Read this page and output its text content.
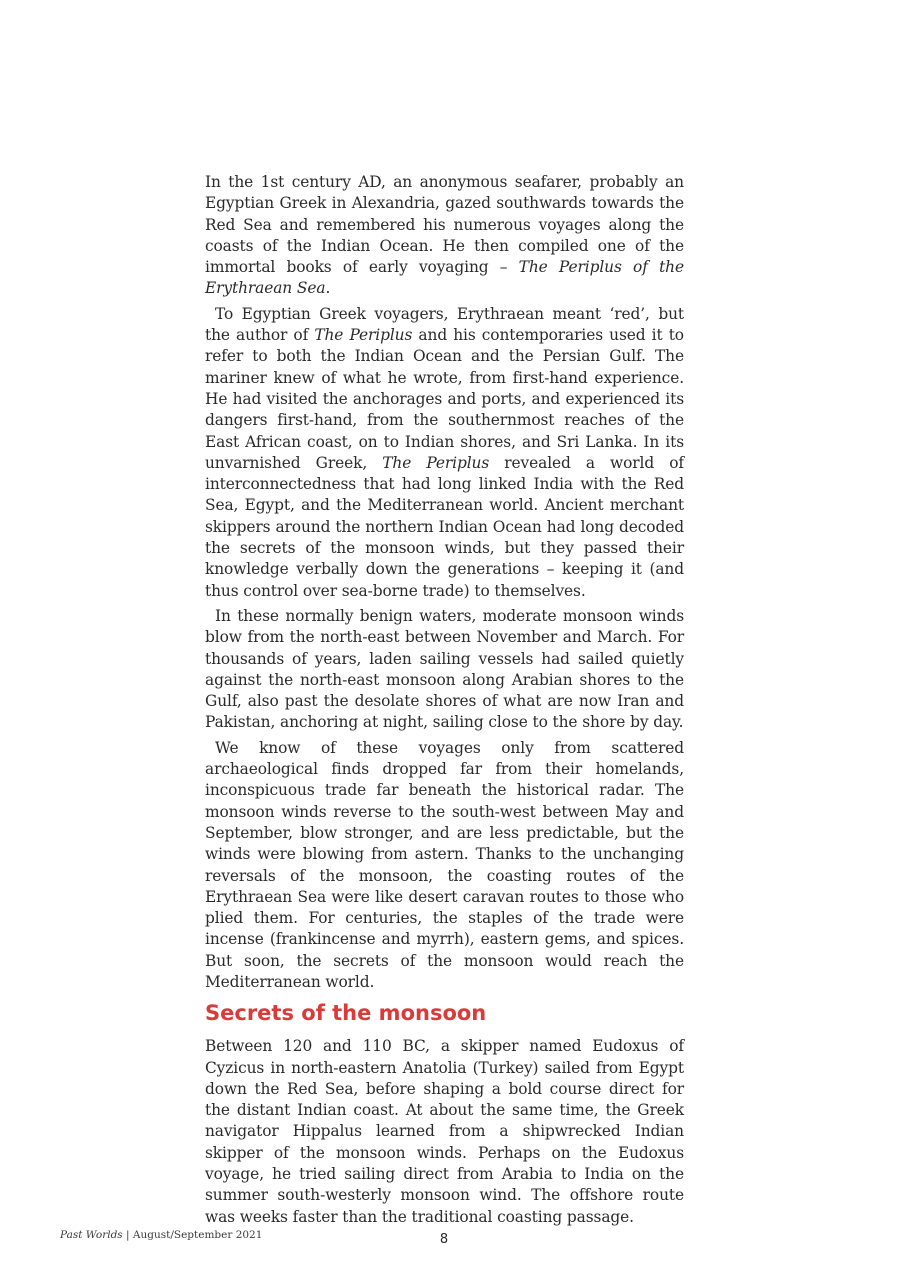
In the 1st century AD, an anonymous seafarer, probably an Egyptian Greek in Alexandria, gazed southwards towards the Red Sea and remembered his numerous voyages along the coasts of the Indian Ocean. He then compiled one of the immortal books of early voyaging – The Periplus of the Erythraean Sea.

To Egyptian Greek voyagers, Erythraean meant ‘red’, but the author of The Periplus and his contemporaries used it to refer to both the Indian Ocean and the Persian Gulf. The mariner knew of what he wrote, from first-hand experience. He had visited the anchorages and ports, and experienced its dangers first-hand, from the southernmost reaches of the East African coast, on to Indian shores, and Sri Lanka. In its unvarnished Greek, The Periplus revealed a world of interconnectedness that had long linked India with the Red Sea, Egypt, and the Mediterranean world. Ancient merchant skippers around the northern Indian Ocean had long decoded the secrets of the monsoon winds, but they passed their knowledge verbally down the generations – keeping it (and thus control over sea-borne trade) to themselves.

In these normally benign waters, moderate monsoon winds blow from the north-east between November and March. For thousands of years, laden sailing vessels had sailed quietly against the north-east monsoon along Arabian shores to the Gulf, also past the desolate shores of what are now Iran and Pakistan, anchoring at night, sailing close to the shore by day.

We know of these voyages only from scattered archaeological finds dropped far from their homelands, inconspicuous trade far beneath the historical radar. The monsoon winds reverse to the south-west between May and September, blow stronger, and are less predictable, but the winds were blowing from astern. Thanks to the unchanging reversals of the monsoon, the coasting routes of the Erythraean Sea were like desert caravan routes to those who plied them. For centuries, the staples of the trade were incense (frankincense and myrrh), eastern gems, and spices. But soon, the secrets of the monsoon would reach the Mediterranean world.

Secrets of the monsoon

Between 120 and 110 BC, a skipper named Eudoxus of Cyzicus in north-eastern Anatolia (Turkey) sailed from Egypt down the Red Sea, before shaping a bold course direct for the distant Indian coast. At about the same time, the Greek navigator Hippalus learned from a shipwrecked Indian skipper of the monsoon winds. Perhaps on the Eudoxus voyage, he tried sailing direct from Arabia to India on the summer south-westerly monsoon wind. The offshore route was weeks faster than the traditional coasting passage.

Past Worlds | August/September 2021	8
